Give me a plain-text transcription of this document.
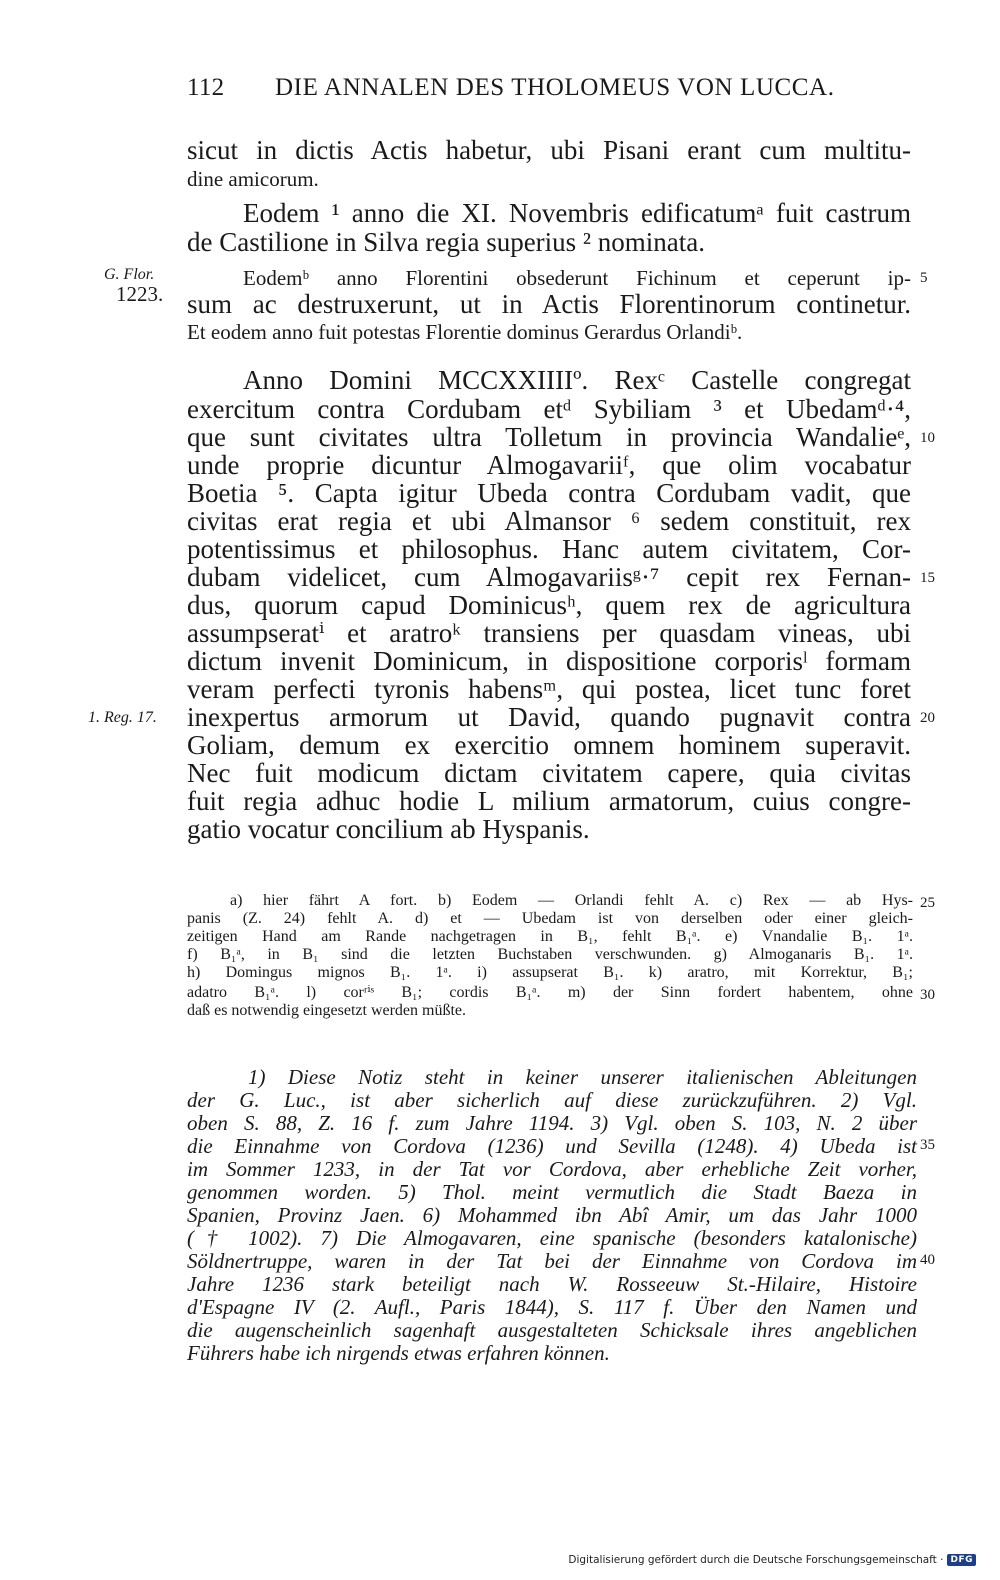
112 DIE ANNALEN DES THOLOMEUS VON LUCCA.
sicut in dictis Actis habetur, ubi Pisani erant cum multitu-
dine amicorum.
Eodem ¹ anno die XI. Novembris edificatumᵃ fuit castrum
de Castilione in Silva regia superius ² nominata.
Eodemᵇ anno Florentini obsederunt Fichinum et ceperunt ip-
sum ac destruxerunt, ut in Actis Florentinorum continetur.
Et eodem anno fuit potestas Florentie dominus Gerardus Orlandiᵇ.
Anno Domini MCCXXIIIIº. Rexᶜ Castelle congregat
exercitum contra Cordubam etᵈ Sybiliam ³ et Ubedamᵈ·⁴,
que sunt civitates ultra Tolletum in provincia Wandalieᵉ,
unde proprie dicuntur Almogavariiᶠ, que olim vocabatur
Boetia ⁵. Capta igitur Ubeda contra Cordubam vadit, que
civitas erat regia et ubi Almansor ⁶ sedem constituit, rex
potentissimus et philosophus. Hanc autem civitatem, Cor-
dubam videlicet, cum Almogavariisᵍ·⁷ cepit rex Fernan-
dus, quorum capud Dominicusʰ, quem rex de agricultura
assumpseratⁱ et aratroᵏ transiens per quasdam vineas, ubi
dictum invenit Dominicum, in dispositione corporisˡ formam
veram perfecti tyronis habensᵐ, qui postea, licet tunc foret
inexpertus armorum ut David, quando pugnavit contra
Goliam, demum ex exercitio omnem hominem superavit.
Nec fuit modicum dictam civitatem capere, quia civitas
fuit regia adhuc hodie L milium armatorum, cuius congre-
gatio vocatur concilium ab Hyspanis.
G. Flor.
1223.
1. Reg. 17.
5
10
15
20
25
30
35
40
a) hier fährt A fort. b) Eodem — Orlandi fehlt A. c) Rex — ab Hys-
panis (Z. 24) fehlt A. d) et — Ubedam ist von derselben oder einer gleich-
zeitigen Hand am Rande nachgetragen in B₁, fehlt B₁ᵃ. e) Vnandalie B₁. 1ᵃ.
f) B₁ᵃ, in B₁ sind die letzten Buchstaben verschwunden. g) Almoganaris B₁. 1ᵃ.
h) Domingus mignos B₁. 1ᵃ. i) assupserat B₁. k) aratro, mit Korrektur, B₁;
adatro B₁ᵃ. l) corʳⁱˢ B₁; cordis B₁ᵃ. m) der Sinn fordert habentem, ohne
daß es notwendig eingesetzt werden müßte.
1) Diese Notiz steht in keiner unserer italienischen Ableitungen
der G. Luc., ist aber sicherlich auf diese zurückzuführen. 2) Vgl.
oben S. 88, Z. 16 f. zum Jahre 1194. 3) Vgl. oben S. 103, N. 2 über
die Einnahme von Cordova (1236) und Sevilla (1248). 4) Ubeda ist
im Sommer 1233, in der Tat vor Cordova, aber erhebliche Zeit vorher,
genommen worden. 5) Thol. meint vermutlich die Stadt Baeza in
Spanien, Provinz Jaen. 6) Mohammed ibn Abî Amir, um das Jahr 1000
(† 1002). 7) Die Almogavaren, eine spanische (besonders katalonische)
Söldnertruppe, waren in der Tat bei der Einnahme von Cordova im
Jahre 1236 stark beteiligt nach W. Rosseeuw St.-Hilaire, Histoire
d'Espagne IV (2. Aufl., Paris 1844), S. 117 f. Über den Namen und
die augenscheinlich sagenhaft ausgestalteten Schicksale ihres angeblichen
Führers habe ich nirgends etwas erfahren können.
Digitalisierung gefördert durch die Deutsche Forschungsgemeinschaft · DFG
